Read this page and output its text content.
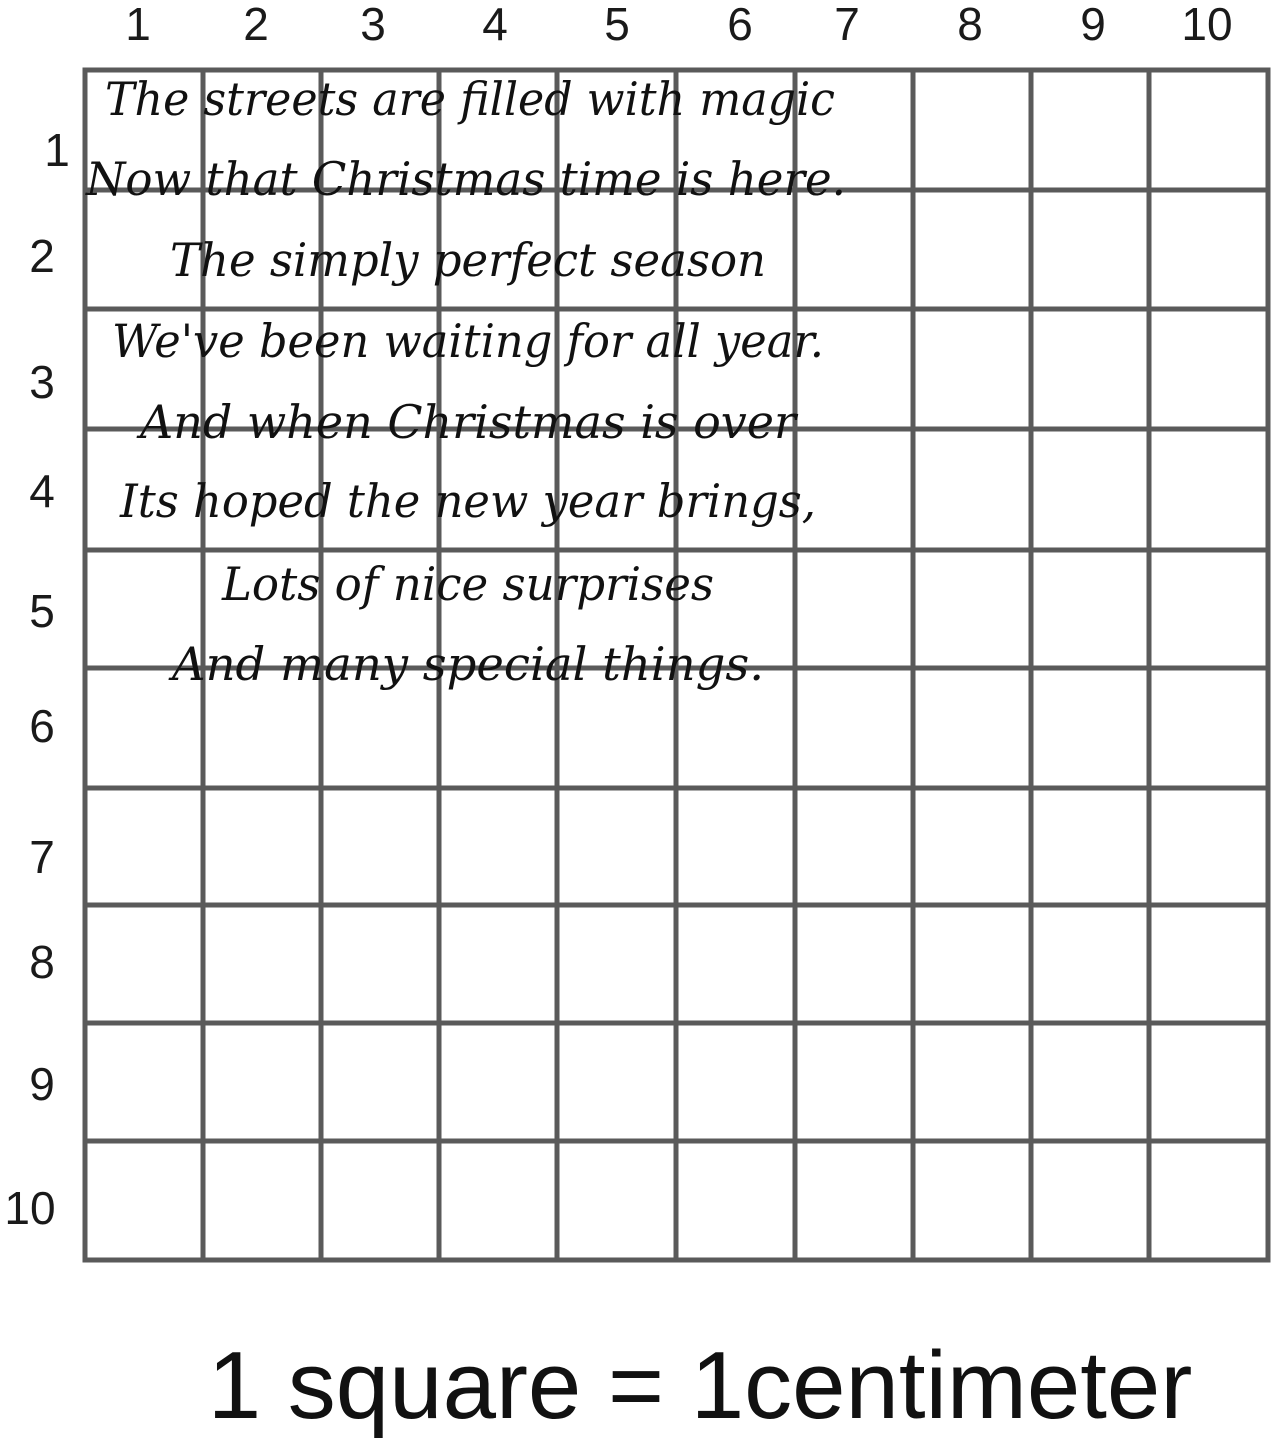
1 2 3 4 5 6 7 8 9 10
1
2
3
4
5
6
7
8
9
10
The streets are filled with magic
Now that Christmas time is here.
The simply perfect season
We've been waiting for all year.
And when Christmas is over
Its hoped the new year brings,
Lots of nice surprises
And many special things.
1 square = 1centimeter
